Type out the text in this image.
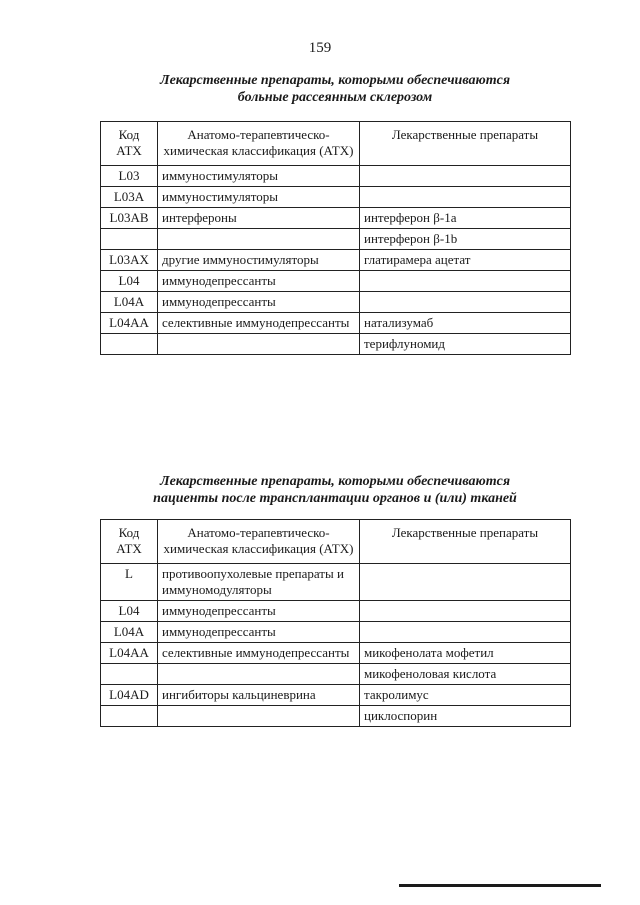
159
Лекарственные препараты, которыми обеспечиваются
больные рассеянным склерозом
Код АТХ	Анатомо-терапевтическо-химическая классификация (АТХ)	Лекарственные препараты
L03	иммуностимуляторы	
L03A	иммуностимуляторы	
L03AB	интерфероны	интерферон β-1a
		интерферон β-1b
L03AX	другие иммуностимуляторы	глатирамера ацетат
L04	иммунодепрессанты	
L04A	иммунодепрессанты	
L04AA	селективные иммунодепрессанты	натализумаб
		терифлуномид
Лекарственные препараты, которыми обеспечиваются
пациенты после трансплантации органов и (или) тканей
Код АТХ	Анатомо-терапевтическо-химическая классификация (АТХ)	Лекарственные препараты
L	противоопухолевые препараты и иммуномодуляторы	
L04	иммунодепрессанты	
L04A	иммунодепрессанты	
L04AA	селективные иммунодепрессанты	микофенолата мофетил
		микофеноловая кислота
L04AD	ингибиторы кальциневрина	такролимус
		циклоспорин
